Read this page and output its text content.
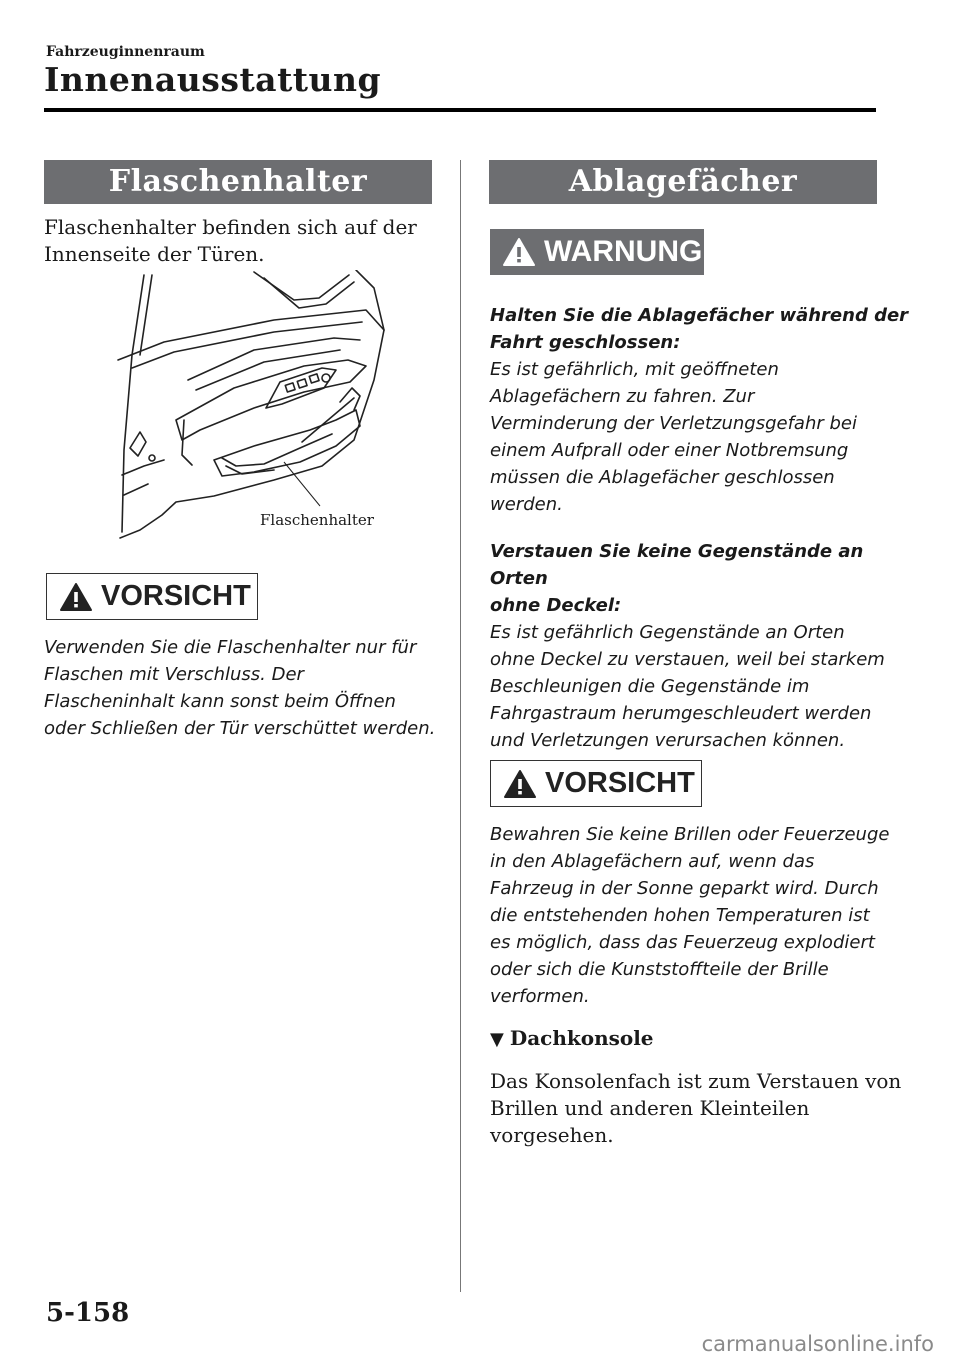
Fahrzeuginnenraum
Innenausstattung
Flaschenhalter
Flaschenhalter befinden sich auf der
Innenseite der Türen.
Flaschenhalter
VORSICHT
Verwenden Sie die Flaschenhalter nur für
Flaschen mit Verschluss. Der
Flascheninhalt kann sonst beim Öffnen
oder Schließen der Tür verschüttet werden.
Ablagefächer
WARNUNG
Halten Sie die Ablagefächer während der
Fahrt geschlossen:
Es ist gefährlich, mit geöffneten
Ablagefächern zu fahren. Zur
Verminderung der Verletzungsgefahr bei
einem Aufprall oder einer Notbremsung
müssen die Ablagefächer geschlossen
werden.
Verstauen Sie keine Gegenstände an Orten
ohne Deckel:
Es ist gefährlich Gegenstände an Orten
ohne Deckel zu verstauen, weil bei starkem
Beschleunigen die Gegenstände im
Fahrgastraum herumgeschleudert werden
und Verletzungen verursachen können.
VORSICHT
Bewahren Sie keine Brillen oder Feuerzeuge
in den Ablagefächern auf, wenn das
Fahrzeug in der Sonne geparkt wird. Durch
die entstehenden hohen Temperaturen ist
es möglich, dass das Feuerzeug explodiert
oder sich die Kunststoffteile der Brille
verformen.
▼ Dachkonsole
Das Konsolenfach ist zum Verstauen von
Brillen und anderen Kleinteilen
vorgesehen.
5-158
carmanualsonline.info
